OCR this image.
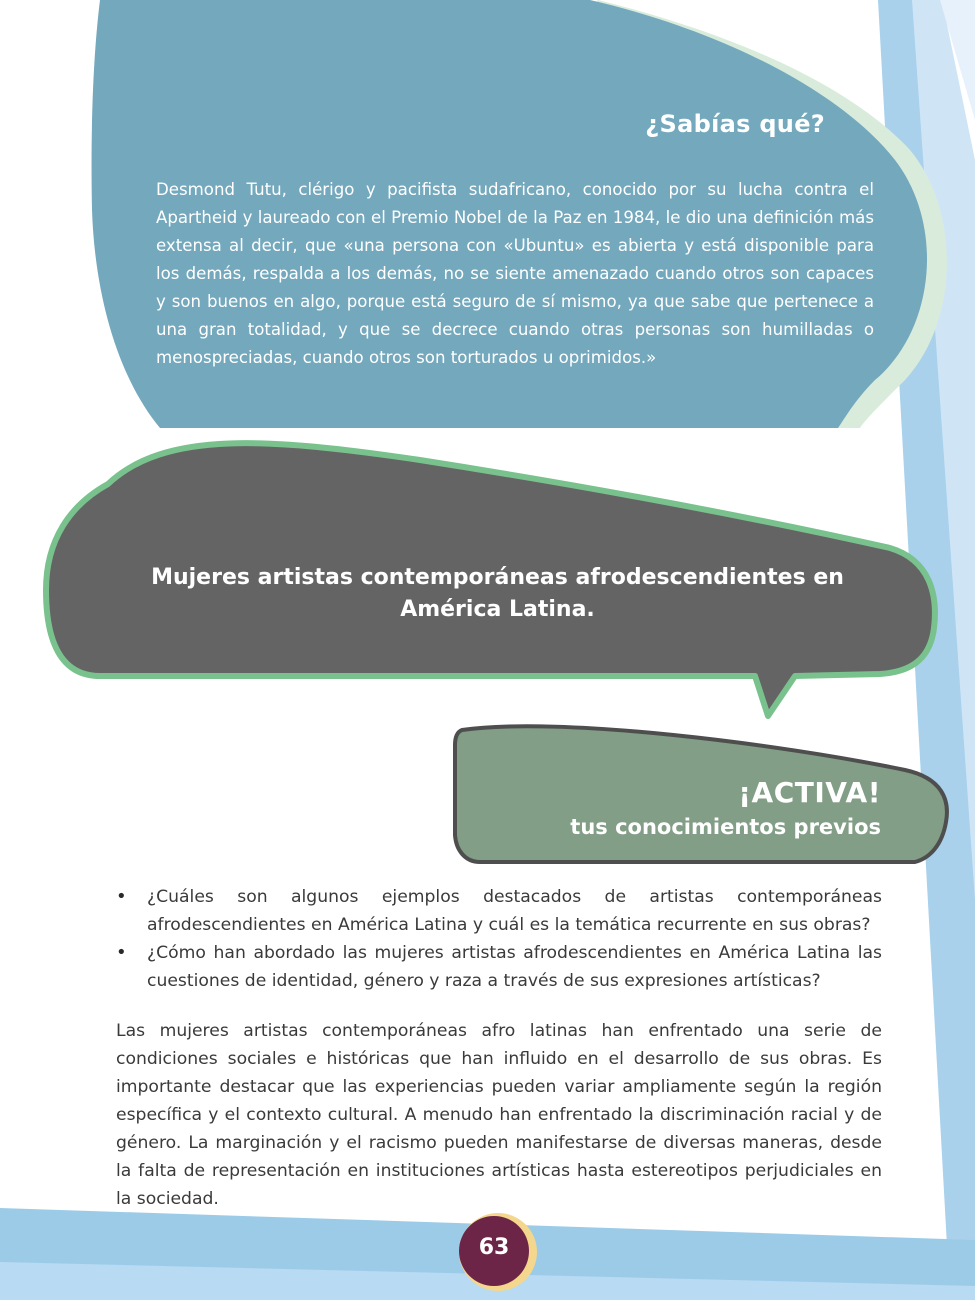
¿Sabías qué?
Desmond Tutu, clérigo y pacifista sudafricano, conocido por su lucha contra el Apartheid y laureado con el Premio Nobel de la Paz en 1984, le dio una definición más extensa al decir, que «una persona con «Ubuntu» es abierta y está disponible para los demás, respalda a los demás, no se siente amenazado cuando otros son capaces y son buenos en algo, porque está seguro de sí mismo, ya que sabe que pertenece a una gran totalidad, y que se decrece cuando otras personas son humilladas o menospreciadas, cuando otros son torturados u oprimidos.»
Mujeres artistas contemporáneas afrodescendientes en América Latina.
¡ACTIVA!
tus conocimientos previos
• ¿Cuáles son algunos ejemplos destacados de artistas contemporáneas afrodescendientes en América Latina y cuál es la temática recurrente en sus obras?
• ¿Cómo han abordado las mujeres artistas afrodescendientes en América Latina las cuestiones de identidad, género y raza a través de sus expresiones artísticas?
Las mujeres artistas contemporáneas afro latinas han enfrentado una serie de condiciones sociales e históricas que han influido en el desarrollo de sus obras. Es importante destacar que las experiencias pueden variar ampliamente según la región específica y el contexto cultural. A menudo han enfrentado la discriminación racial y de género. La marginación y el racismo pueden manifestarse de diversas maneras, desde la falta de representación en instituciones artísticas hasta estereotipos perjudiciales en la sociedad.
63
